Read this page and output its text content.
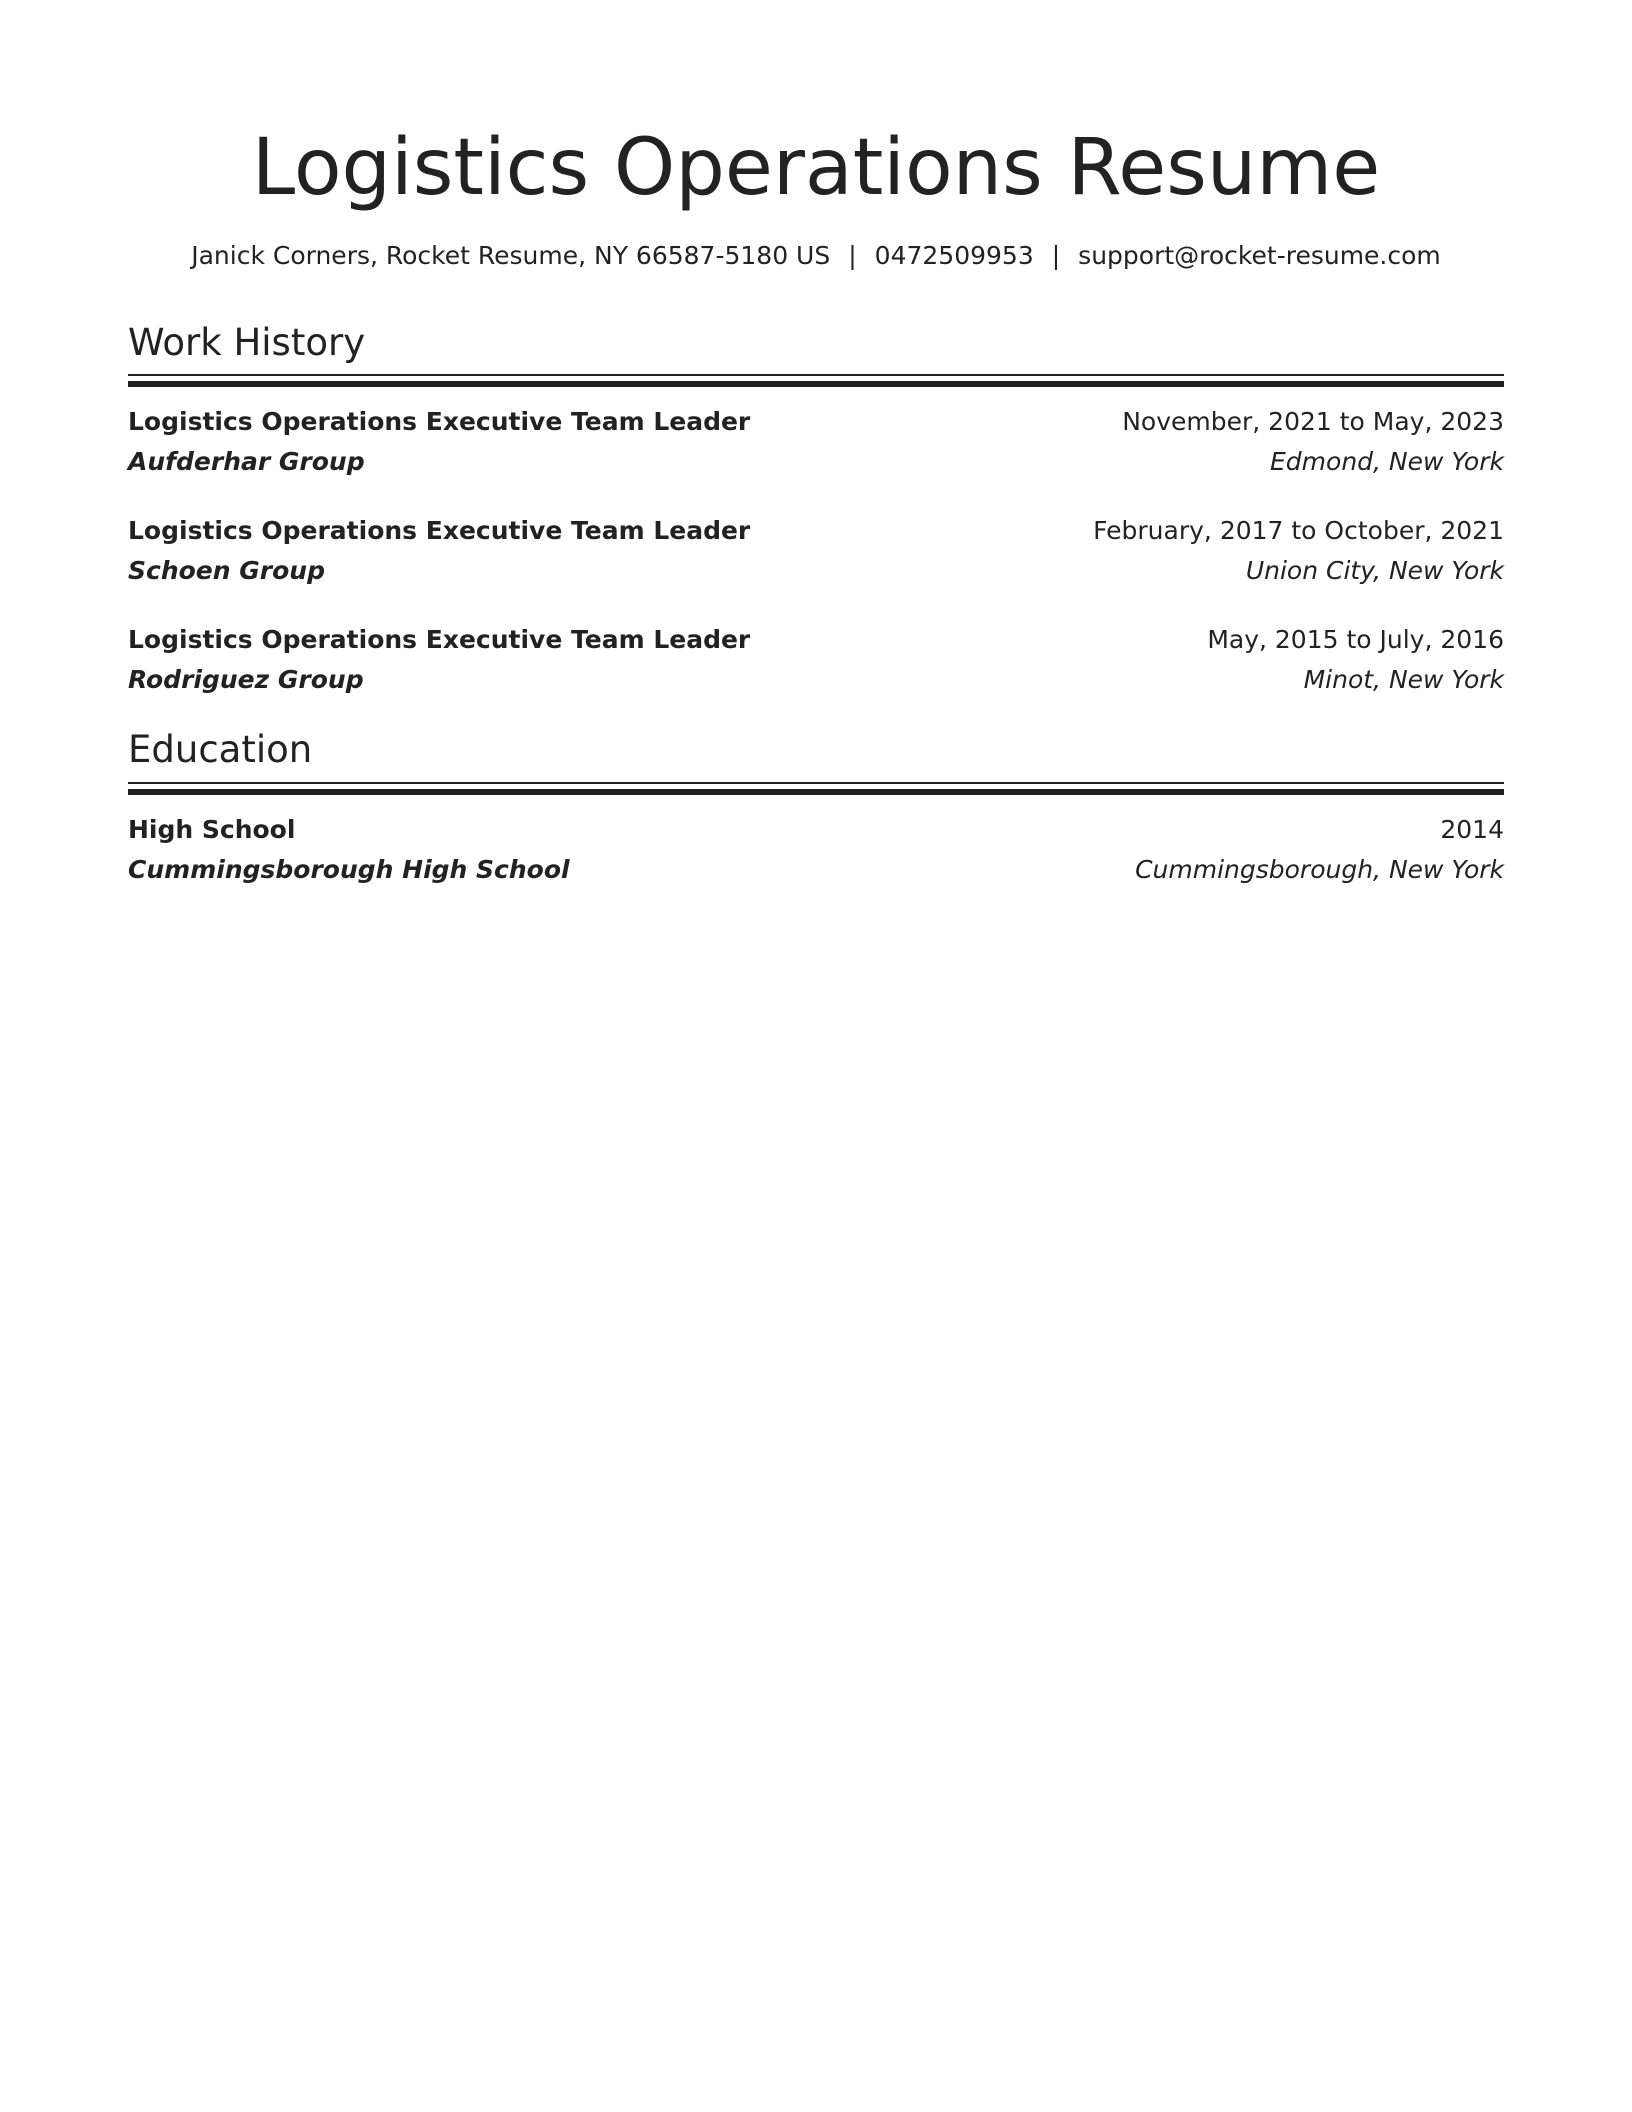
Logistics Operations Resume
Janick Corners, Rocket Resume, NY 66587-5180 US | 0472509953 | support@rocket-resume.com
Work History
Logistics Operations Executive Team Leader	November, 2021 to May, 2023
Aufderhar Group	Edmond, New York
Logistics Operations Executive Team Leader	February, 2017 to October, 2021
Schoen Group	Union City, New York
Logistics Operations Executive Team Leader	May, 2015 to July, 2016
Rodriguez Group	Minot, New York
Education
High School	2014
Cummingsborough High School	Cummingsborough, New York
